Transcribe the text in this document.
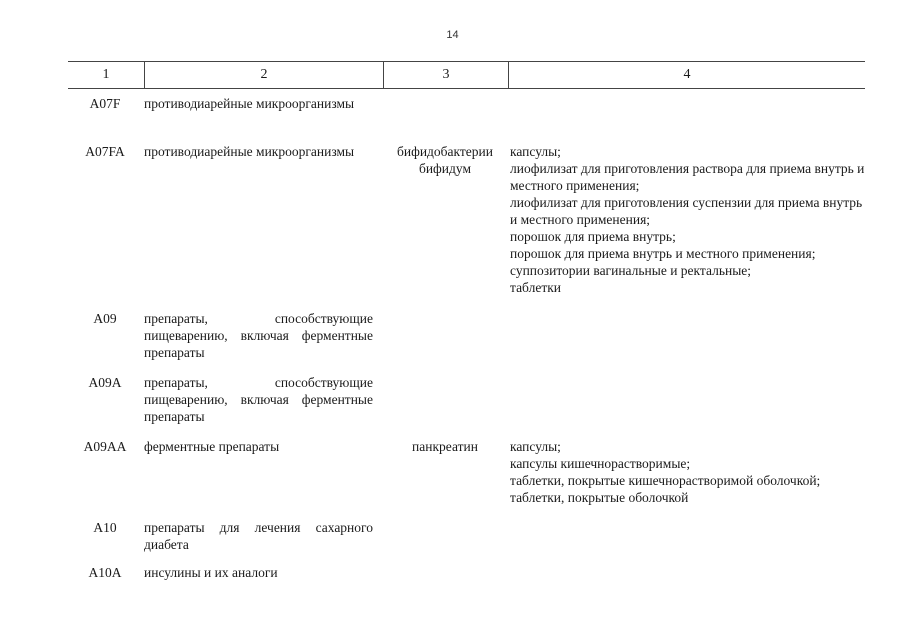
14
1	2	3	4
A07F	противодиарейные микроорганизмы
A07FA	противодиарейные микроорганизмы	бифидобактерии бифидум
капсулы;
лиофилизат для приготовления раствора для приема внутрь и местного применения;
лиофилизат для приготовления суспензии для приема внутрь и местного применения;
порошок для приема внутрь;
порошок для приема внутрь и местного применения;
суппозитории вагинальные и ректальные;
таблетки
A09	препараты, способствующие пищеварению, включая ферментные препараты
A09A	препараты, способствующие пищеварению, включая ферментные препараты
A09AA	ферментные препараты	панкреатин	капсулы;
капсулы кишечнорастворимые;
таблетки, покрытые кишечнорастворимой оболочкой;
таблетки, покрытые оболочкой
A10	препараты для лечения сахарного диабета
A10A	инсулины и их аналоги
